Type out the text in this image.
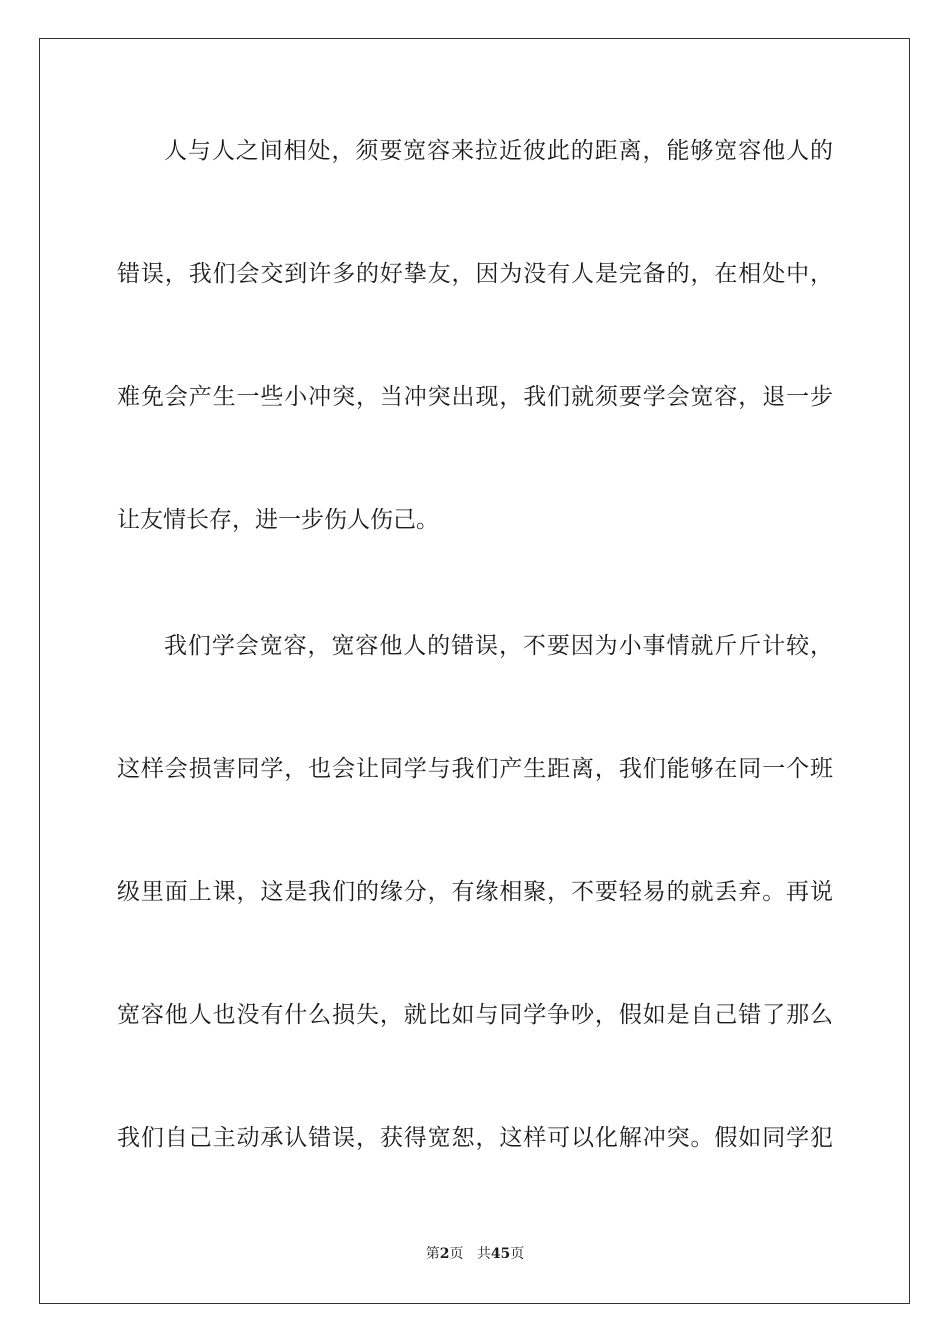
人与人之间相处，须要宽容来拉近彼此的距离，能够宽容他人的
错误，我们会交到许多的好挚友，因为没有人是完备的，在相处中，
难免会产生一些小冲突，当冲突出现，我们就须要学会宽容，退一步
让友情长存，进一步伤人伤己。
我们学会宽容，宽容他人的错误，不要因为小事情就斤斤计较，
这样会损害同学，也会让同学与我们产生距离，我们能够在同一个班
级里面上课，这是我们的缘分，有缘相聚，不要轻易的就丢弃。再说
宽容他人也没有什么损失，就比如与同学争吵，假如是自己错了那么
我们自己主动承认错误，获得宽恕，这样可以化解冲突。假如同学犯
第2页 共45页
